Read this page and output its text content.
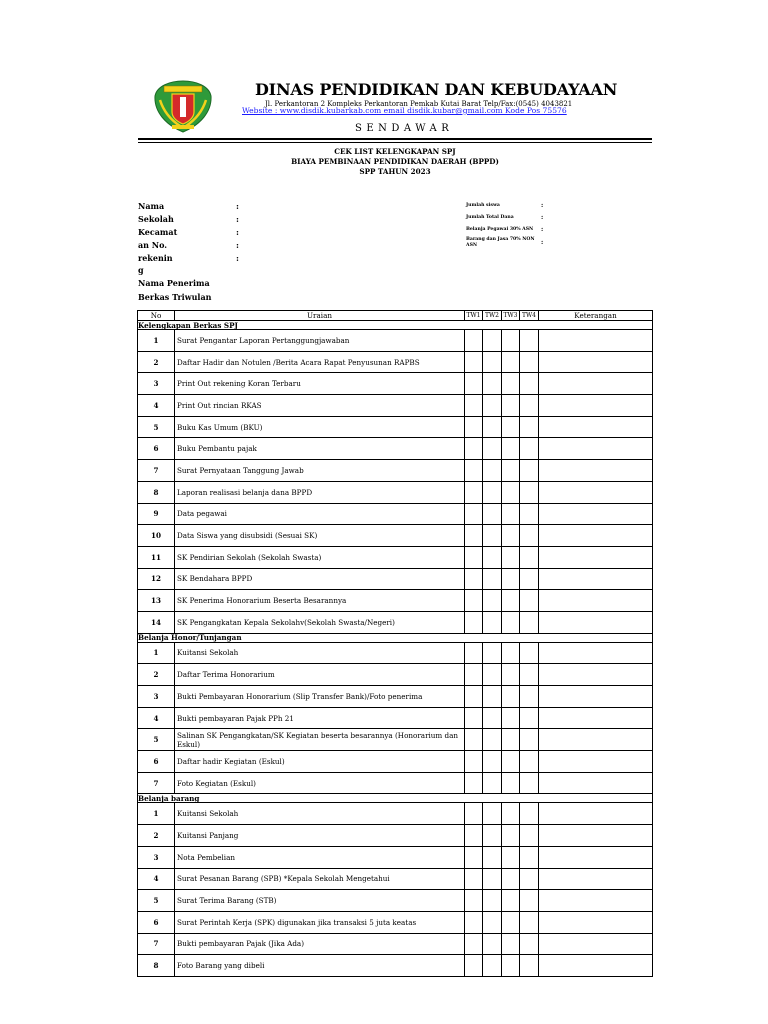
DINAS PENDIDIKAN DAN KEBUDAYAAN
Jl. Perkantoran 2 Kompleks Perkantoran Pemkab Kutai Barat Telp/Fax:(0545) 4043821
Website : www.disdik.kubarkab.com email disdik.kubar@gmail.com Kode Pos 75576
SENDAWAR
CEK LIST KELENGKAPAN SPJ
BIAYA PEMBINAAN PENDIDIKAN DAERAH (BPPD)
SPP TAHUN 2023
Nama	:
Sekolah	:
Kecamat	:
an No.	:
rekenin	:
g
Nama Penerima
Berkas Triwulan
Jumlah siswa	:
Jumlah Total Dana	:
Belanja Pegawai 30% ASN :
Barang dan Jasa 70% NON ASN	:
No	Uraian	TW1	TW2	TW3	TW4	Keterangan
Kelengkapan Berkas SPJ						
1	Surat Pengantar Laporan Pertanggungjawaban					
2	Daftar Hadir dan Notulen /Berita Acara Rapat Penyusunan RAPBS					
3	Print Out rekening Koran Terbaru					
4	Print Out rincian RKAS					
5	Buku Kas Umum (BKU)					
6	Buku Pembantu pajak					
7	Surat Pernyataan Tanggung Jawab					
8	Laporan realisasi belanja dana BPPD					
9	Data pegawai					
10	Data Siswa yang disubsidi (Sesuai SK)					
11	SK Pendirian Sekolah (Sekolah Swasta)					
12	SK Bendahara BPPD					
13	SK Penerima Honorarium Beserta Besarannya					
14	SK Pengangkatan Kepala Sekolahv(Sekolah Swasta/Negeri)					
Belanja Honor/Tunjangan						
1	Kuitansi Sekolah					
2	Daftar Terima Honorarium					
3	Bukti Pembayaran Honorarium (Slip Transfer Bank)/Foto penerima					
4	Bukti pembayaran Pajak PPh 21					
5	Salinan SK Pengangkatan/SK Kegiatan beserta besarannya (Honorarium dan Eskul)					
6	Daftar hadir Kegiatan (Eskul)					
7	Foto Kegiatan (Eskul)					
Belanja barang						
1	Kuitansi Sekolah					
2	Kuitansi Panjang					
3	Nota Pembelian					
4	Surat Pesanan Barang (SPB) *Kepala Sekolah Mengetahui					
5	Surat Terima Barang (STB)					
6	Surat Perintah Kerja (SPK) digunakan jika transaksi 5 juta keatas					
7	Bukti pembayaran Pajak (Jika Ada)					
8	Foto Barang yang dibeli					
